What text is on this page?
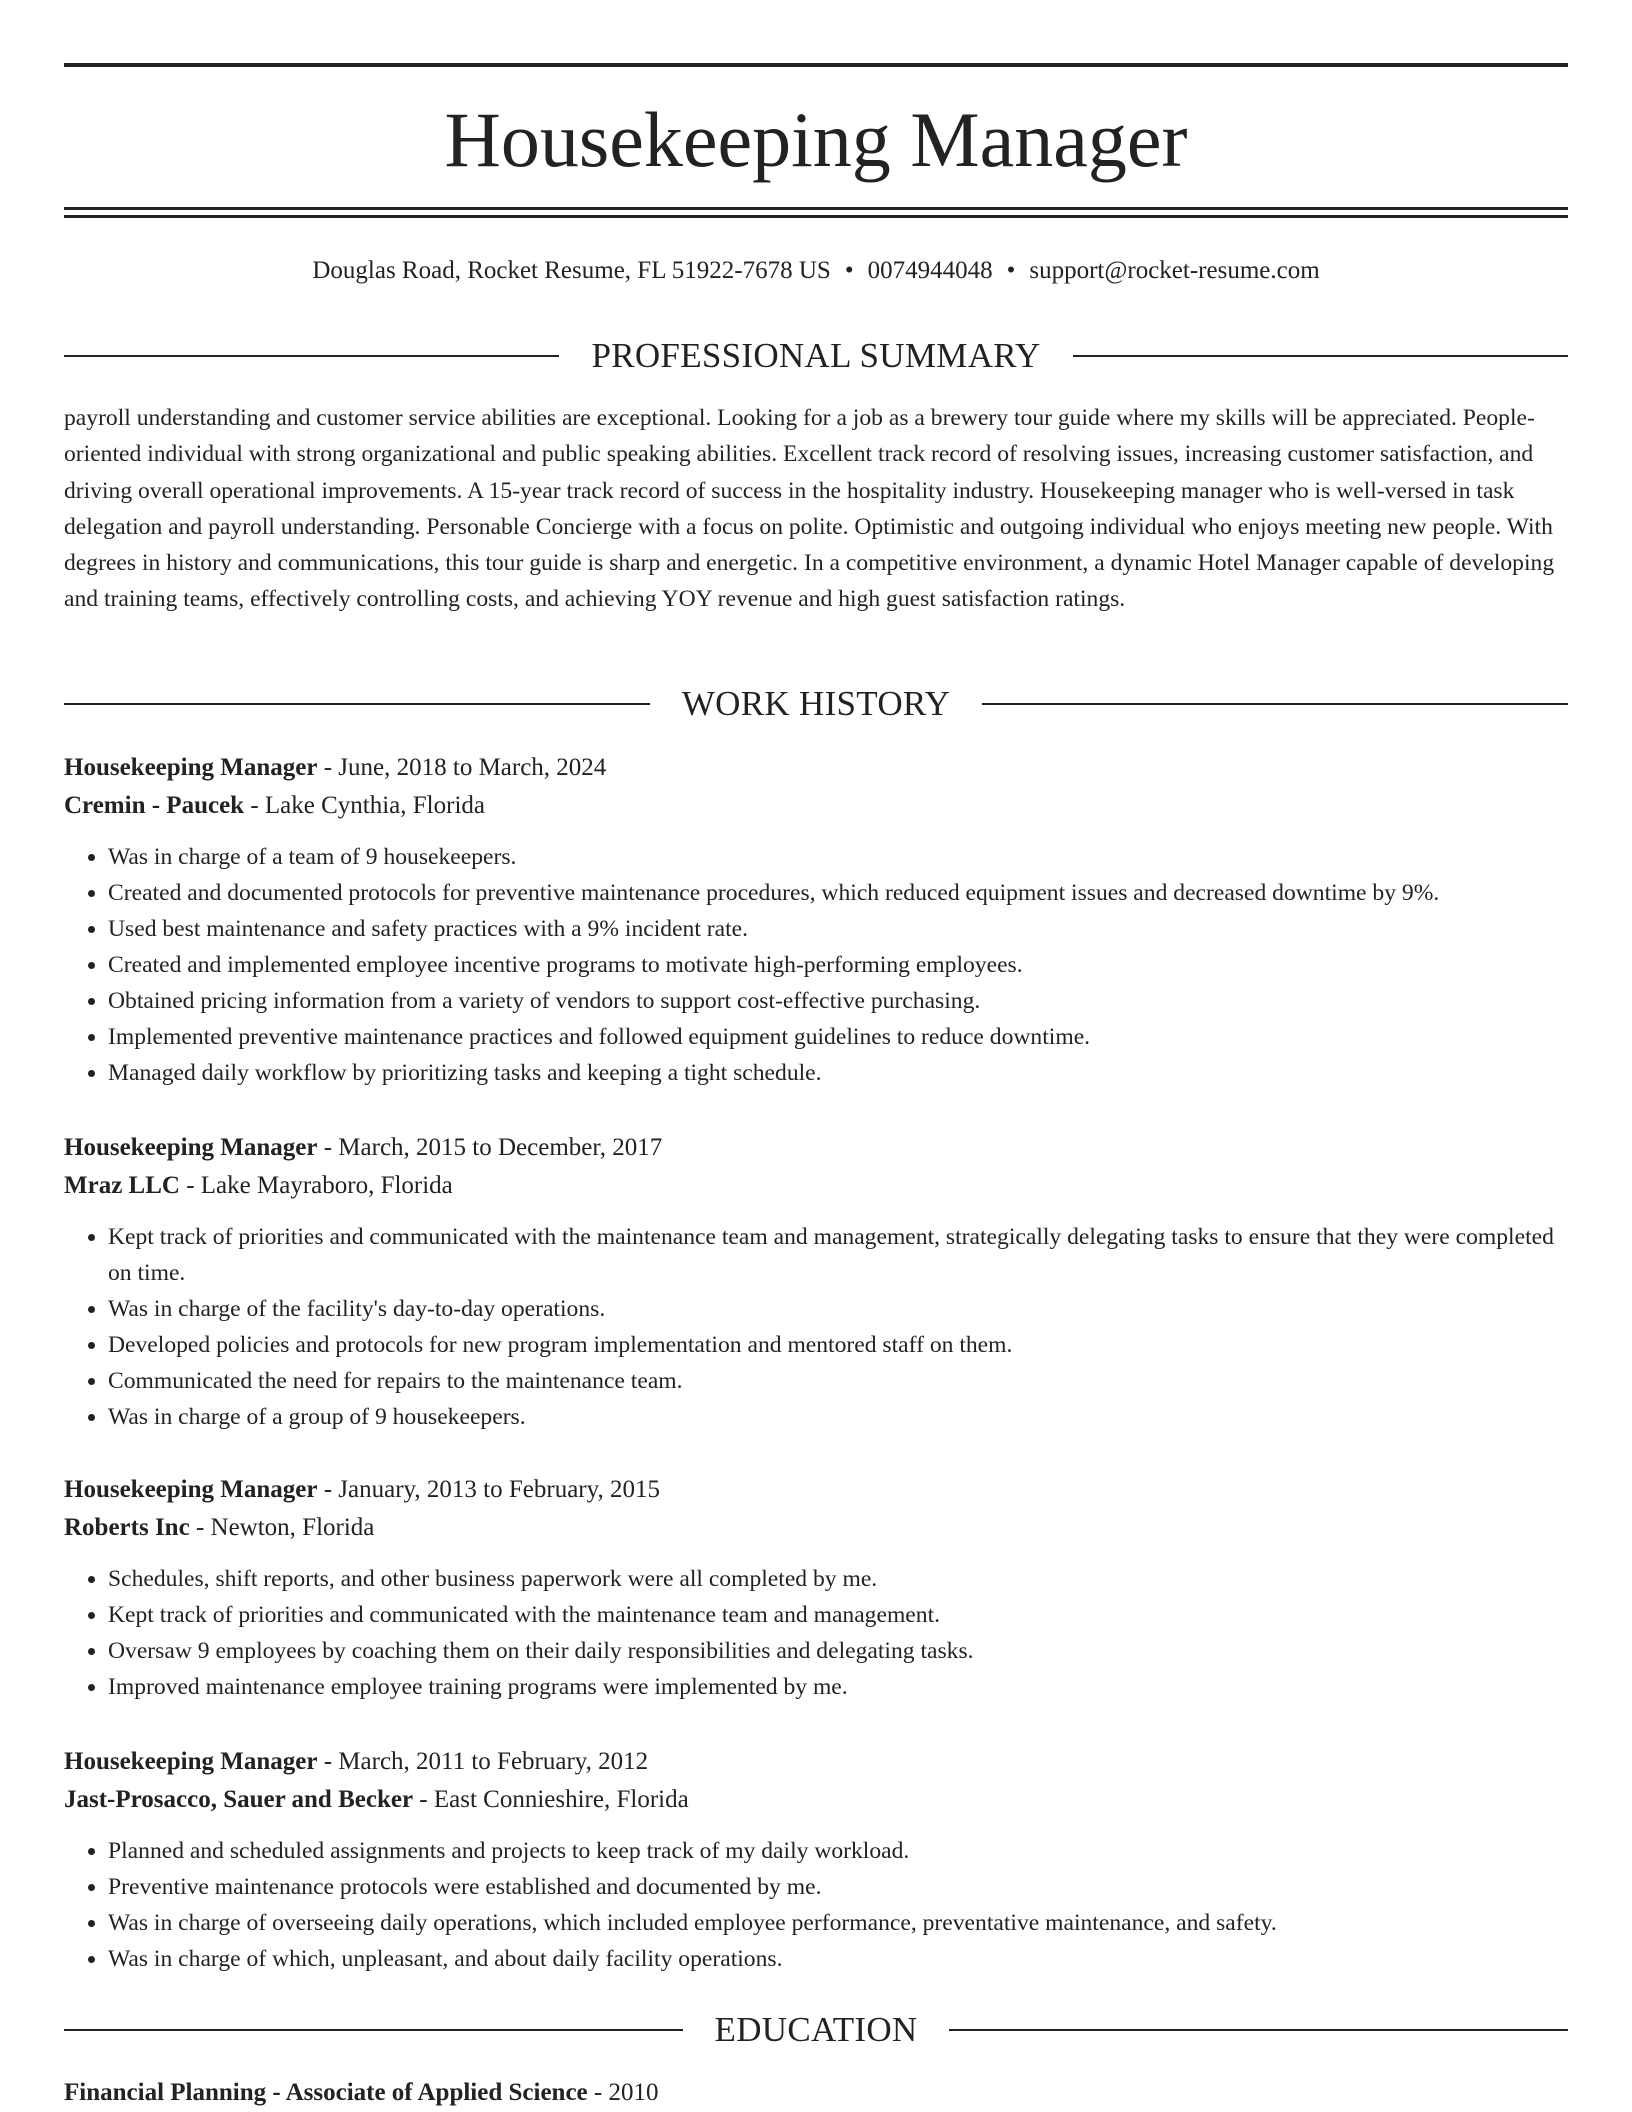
Housekeeping Manager
Douglas Road, Rocket Resume, FL 51922-7678 US • 0074944048 • support@rocket-resume.com
PROFESSIONAL SUMMARY

payroll understanding and customer service abilities are exceptional. Looking for a job as a brewery tour guide where my skills will be appreciated. People-oriented individual with strong organizational and public speaking abilities. Excellent track record of resolving issues, increasing customer satisfaction, and driving overall operational improvements. A 15-year track record of success in the hospitality industry. Housekeeping manager who is well-versed in task delegation and payroll understanding. Personable Concierge with a focus on polite. Optimistic and outgoing individual who enjoys meeting new people. With degrees in history and communications, this tour guide is sharp and energetic. In a competitive environment, a dynamic Hotel Manager capable of developing and training teams, effectively controlling costs, and achieving YOY revenue and high guest satisfaction ratings.

WORK HISTORY

Housekeeping Manager - June, 2018 to March, 2024

Cremin - Paucek - Lake Cynthia, Florida

• Was in charge of a team of 9 housekeepers.
• Created and documented protocols for preventive maintenance procedures, which reduced equipment issues and decreased downtime by 9%.
• Used best maintenance and safety practices with a 9% incident rate.
• Created and implemented employee incentive programs to motivate high-performing employees.
• Obtained pricing information from a variety of vendors to support cost-effective purchasing.
• Implemented preventive maintenance practices and followed equipment guidelines to reduce downtime.
• Managed daily workflow by prioritizing tasks and keeping a tight schedule.

Housekeeping Manager - March, 2015 to December, 2017

Mraz LLC - Lake Mayraboro, Florida

• Kept track of priorities and communicated with the maintenance team and management, strategically delegating tasks to ensure that they were completed on time.
• Was in charge of the facility's day-to-day operations.
• Developed policies and protocols for new program implementation and mentored staff on them.
• Communicated the need for repairs to the maintenance team.
• Was in charge of a group of 9 housekeepers.

Housekeeping Manager - January, 2013 to February, 2015

Roberts Inc - Newton, Florida

• Schedules, shift reports, and other business paperwork were all completed by me.
• Kept track of priorities and communicated with the maintenance team and management.
• Oversaw 9 employees by coaching them on their daily responsibilities and delegating tasks.
• Improved maintenance employee training programs were implemented by me.

Housekeeping Manager - March, 2011 to February, 2012

Jast-Prosacco, Sauer and Becker - East Connieshire, Florida

• Planned and scheduled assignments and projects to keep track of my daily workload.
• Preventive maintenance protocols were established and documented by me.
• Was in charge of overseeing daily operations, which included employee performance, preventative maintenance, and safety.
• Was in charge of which, unpleasant, and about daily facility operations.
EDUCATION
Financial Planning - Associate of Applied Science - 2010
